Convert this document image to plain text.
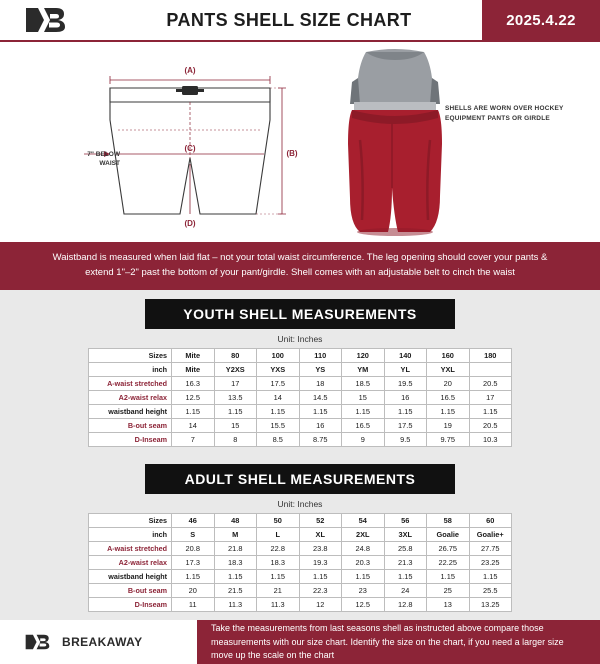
PANTS SHELL SIZE CHART	2025.4.22
(A)
(B)
(C)
(D)
7" BELOW WAIST
SHELLS ARE WORN OVER HOCKEY EQUIPMENT PANTS OR GIRDLE
Waistband is measured when laid flat – not your total waist circumference. The leg opening should cover your pants & extend 1"–2" past the bottom of your pant/girdle. Shell comes with an adjustable belt to cinch the waist
YOUTH SHELL MEASUREMENTS
Unit: Inches
Sizes	Mite	80	100	110	120	140	160	180
inch	Mite	Y2XS	YXS	YS	YM	YL	YXL	
A-waist stretched	16.3	17	17.5	18	18.5	19.5	20	20.5
A2-waist relax	12.5	13.5	14	14.5	15	16	16.5	17
waistband height	1.15	1.15	1.15	1.15	1.15	1.15	1.15	1.15
B-out seam	14	15	15.5	16	16.5	17.5	19	20.5
D-Inseam	7	8	8.5	8.75	9	9.5	9.75	10.3
ADULT SHELL MEASUREMENTS
Unit: Inches
Sizes	46	48	50	52	54	56	58	60
inch	S	M	L	XL	2XL	3XL	Goalie	Goalie+
A-waist stretched	20.8	21.8	22.8	23.8	24.8	25.8	26.75	27.75
A2-waist relax	17.3	18.3	18.3	19.3	20.3	21.3	22.25	23.25
waistband height	1.15	1.15	1.15	1.15	1.15	1.15	1.15	1.15
B-out seam	20	21.5	21	22.3	23	24	25	25.5
D-Inseam	11	11.3	11.3	12	12.5	12.8	13	13.25
BREAKAWAY
Take the measurements from last seasons shell as instructed above compare those measurements with our size chart. Identify the size on the chart, if you need a larger size move up the scale on the chart
